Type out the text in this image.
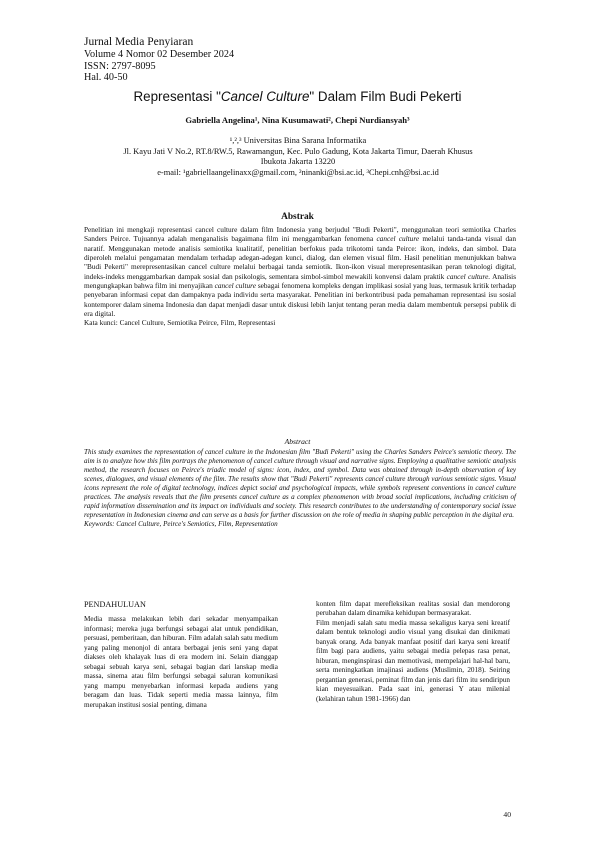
Jurnal Media Penyiaran
Volume 4 Nomor 02 Desember 2024
ISSN: 2797-8095
Hal. 40-50
Representasi "Cancel Culture" Dalam Film Budi Pekerti
Gabriella Angelina¹, Nina Kusumawati², Chepi Nurdiansyah³
¹,²,³ Universitas Bina Sarana Informatika
Jl. Kayu Jati V No.2, RT.8/RW.5, Rawamangun, Kec. Pulo Gadung, Kota Jakarta Timur, Daerah Khusus
Ibukota Jakarta 13220
e-mail: ¹gabriellaangelinaxx@gmail.com, ²ninanki@bsi.ac.id, ³Chepi.cnh@bsi.ac.id
Abstrak
Penelitian ini mengkaji representasi cancel culture dalam film Indonesia yang berjudul "Budi Pekerti", menggunakan teori semiotika Charles Sanders Peirce. Tujuannya adalah menganalisis bagaimana film ini menggambarkan fenomena cancel culture melalui tanda-tanda visual dan naratif. Menggunakan metode analisis semiotika kualitatif, penelitian berfokus pada trikotomi tanda Peirce: ikon, indeks, dan simbol. Data diperoleh melalui pengamatan mendalam terhadap adegan-adegan kunci, dialog, dan elemen visual film. Hasil penelitian menunjukkan bahwa "Budi Pekerti" merepresentasikan cancel culture melalui berbagai tanda semiotik. Ikon-ikon visual merepresentasikan peran teknologi digital, indeks-indeks menggambarkan dampak sosial dan psikologis, sementara simbol-simbol mewakili konvensi dalam praktik cancel culture. Analisis mengungkapkan bahwa film ini menyajikan cancel culture sebagai fenomena kompleks dengan implikasi sosial yang luas, termasuk kritik terhadap penyebaran informasi cepat dan dampaknya pada individu serta masyarakat. Penelitian ini berkontribusi pada pemahaman representasi isu sosial kontemporer dalam sinema Indonesia dan dapat menjadi dasar untuk diskusi lebih lanjut tentang peran media dalam membentuk persepsi publik di era digital.
Kata kunci: Cancel Culture, Semiotika Peirce, Film, Representasi
Abstract
This study examines the representation of cancel culture in the Indonesian film "Budi Pekerti" using the Charles Sanders Peirce's semiotic theory. The aim is to analyze how this film portrays the phenomenon of cancel culture through visual and narrative signs. Employing a qualitative semiotic analysis method, the research focuses on Peirce's triadic model of signs: icon, index, and symbol. Data was obtained through in-depth observation of key scenes, dialogues, and visual elements of the film. The results show that "Budi Pekerti" represents cancel culture through various semiotic signs. Visual icons represent the role of digital technology, indices depict social and psychological impacts, while symbols represent conventions in cancel culture practices. The analysis reveals that the film presents cancel culture as a complex phenomenon with broad social implications, including criticism of rapid information dissemination and its impact on individuals and society. This research contributes to the understanding of contemporary social issue representation in Indonesian cinema and can serve as a basis for further discussion on the role of media in shaping public perception in the digital era.
Keywords: Cancel Culture, Peirce's Semiotics, Film, Representation
PENDAHULUAN

Media massa melakukan lebih dari sekadar menyampaikan informasi; mereka juga berfungsi sebagai alat untuk pendidikan, persuasi, pemberitaan, dan hiburan. Film adalah salah satu medium yang paling menonjol di antara berbagai jenis seni yang dapat diakses oleh khalayak luas di era modern ini. Selain dianggap sebagai sebuah karya seni, sebagai bagian dari lanskap media massa, sinema atau film berfungsi sebagai saluran komunikasi yang mampu menyebarkan informasi kepada audiens yang beragam dan luas. Tidak seperti media massa lainnya, film merupakan institusi sosial penting, dimana

konten film dapat merefleksikan realitas sosial dan mendorong perubahan dalam dinamika kehidupan bermasyarakat.

Film menjadi salah satu media massa sekaligus karya seni kreatif dalam bentuk teknologi audio visual yang disukai dan dinikmati banyak orang. Ada banyak manfaat positif dari karya seni kreatif film bagi para audiens, yaitu sebagai media pelepas rasa penat, hiburan, menginspirasi dan memotivasi, mempelajari hal-hal baru, serta meningkatkan imajinasi audiens (Muslimin, 2018). Seiring pergantian generasi, peminat film dan jenis dari film itu sendiripun kian meyesuaikan. Pada saat ini, generasi Y atau milenial (kelahiran tahun 1981-1966) dan

40
